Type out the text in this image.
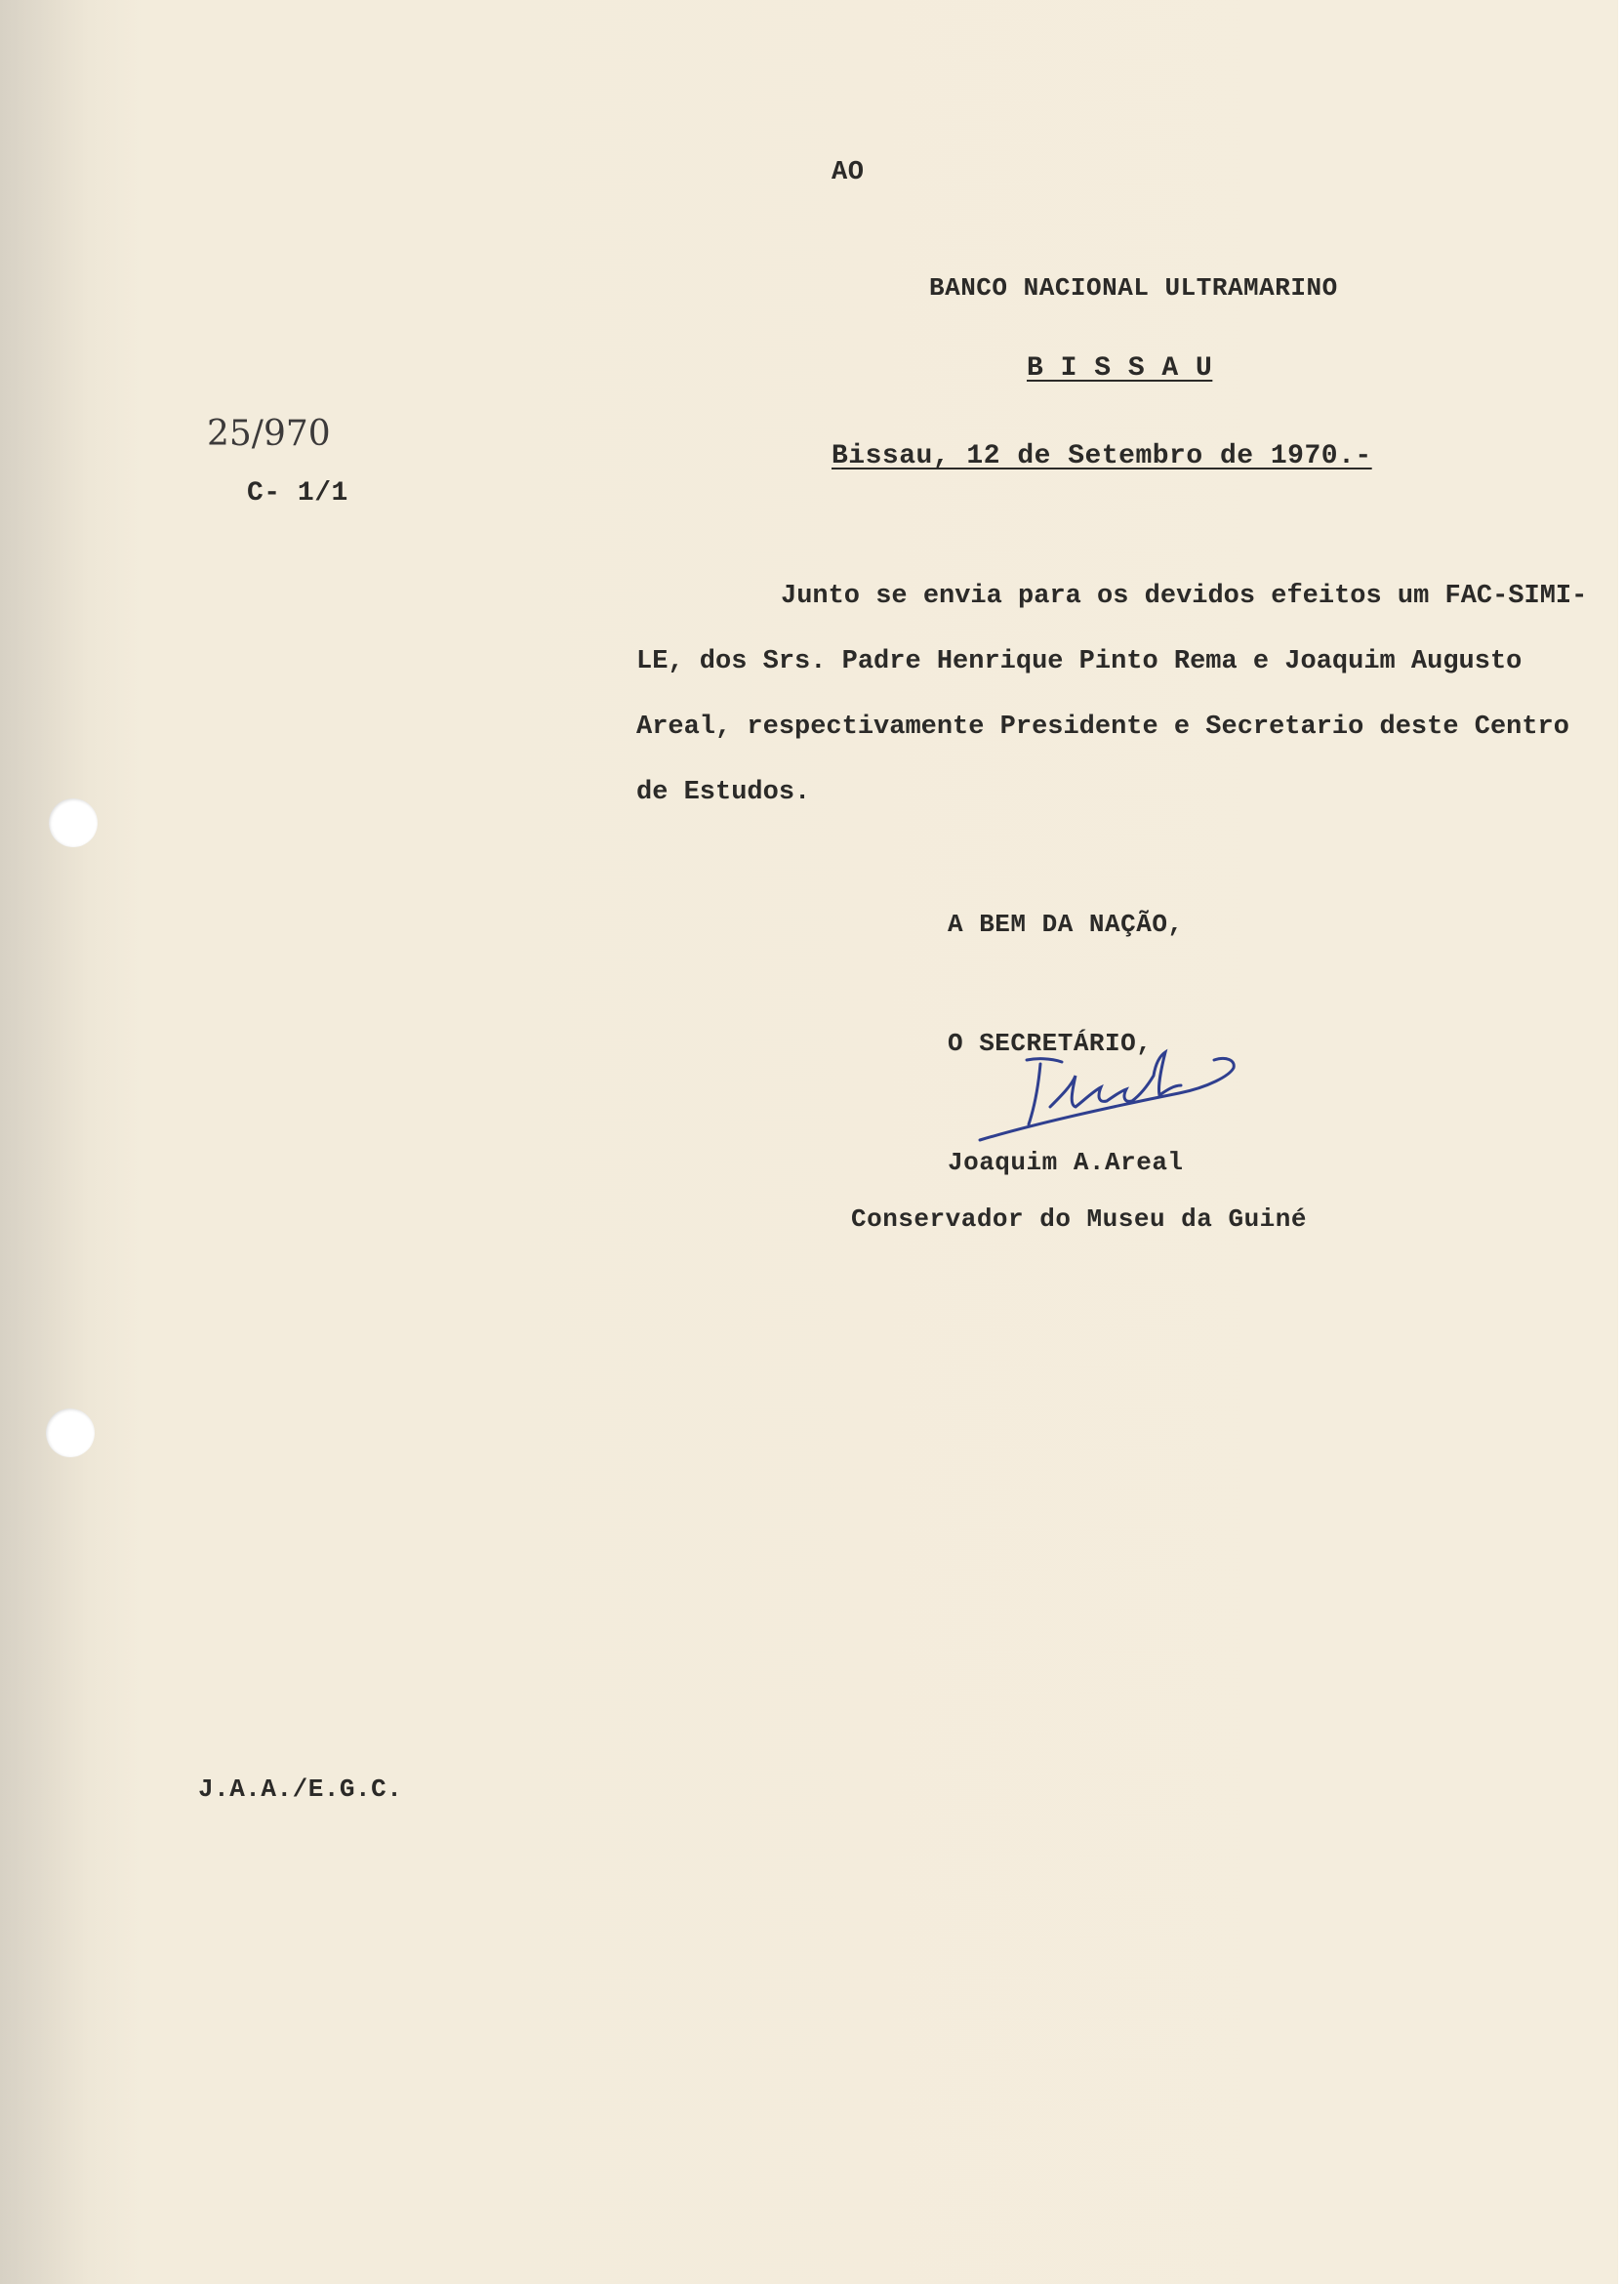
AO
BANCO NACIONAL ULTRAMARINO
B I S S A U
25/970
C- 1/1
Bissau, 12 de Setembro de 1970.-
Junto se envia para os devidos efeitos um FAC-SIMI-
LE, dos Srs. Padre Henrique Pinto Rema e Joaquim Augusto
Areal, respectivamente Presidente e Secretario deste Centro
de Estudos.
A BEM DA NAÇÃO,
O SECRETÁRIO,
Joaquim A.Areal
Conservador do Museu da Guiné
J.A.A./E.G.C.
